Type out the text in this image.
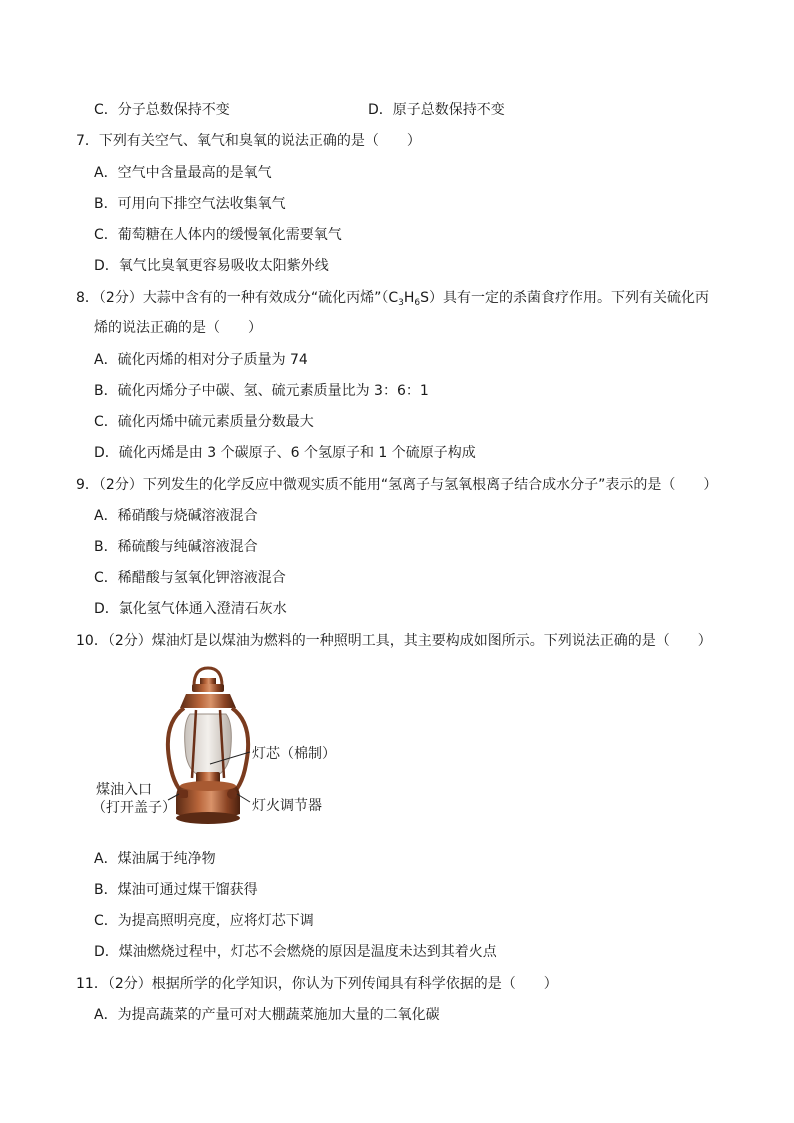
C．分子总数保持不变	D．原子总数保持不变
7．下列有关空气、氧气和臭氧的说法正确的是（　　）
A．空气中含量最高的是氧气
B．可用向下排空气法收集氧气
C．葡萄糖在人体内的缓慢氧化需要氧气
D．氧气比臭氧更容易吸收太阳紫外线
8．（2分）大蒜中含有的一种有效成分“硫化丙烯$”(C_3H_6S)$具有一定的杀菌食疗作用。下列有关硫化丙
烯的说法正确的是（　　）
A．硫化丙烯的相对分子质量为 74
B．硫化丙烯分子中碳、氢、硫元素质量比为 3：6：1
C．硫化丙烯中硫元素质量分数最大
D．硫化丙烯是由 3 个碳原子、6 个氢原子和 1 个硫原子构成
9．（2分）下列发生的化学反应中微观实质不能用“氢离子与氢氧根离子结合成水分子”表示的是（　　）
A．稀硝酸与烧碱溶液混合
B．稀硫酸与纯碱溶液混合
C．稀醋酸与氢氧化钾溶液混合
D．氯化氢气体通入澄清石灰水
10．（2分）煤油灯是以煤油为燃料的一种照明工具，其主要构成如图所示。下列说法正确的是（　　）
灯芯（棉制）
煤油入口
（打开盖子）	灯火调节器
A．煤油属于纯净物
B．煤油可通过煤干馏获得
C．为提高照明亮度，应将灯芯下调
D．煤油燃烧过程中，灯芯不会燃烧的原因是温度未达到其着火点
11．（2分）根据所学的化学知识，你认为下列传闻具有科学依据的是（　　）
A．为提高蔬菜的产量可对大棚蔬菜施加大量的二氧化碳
